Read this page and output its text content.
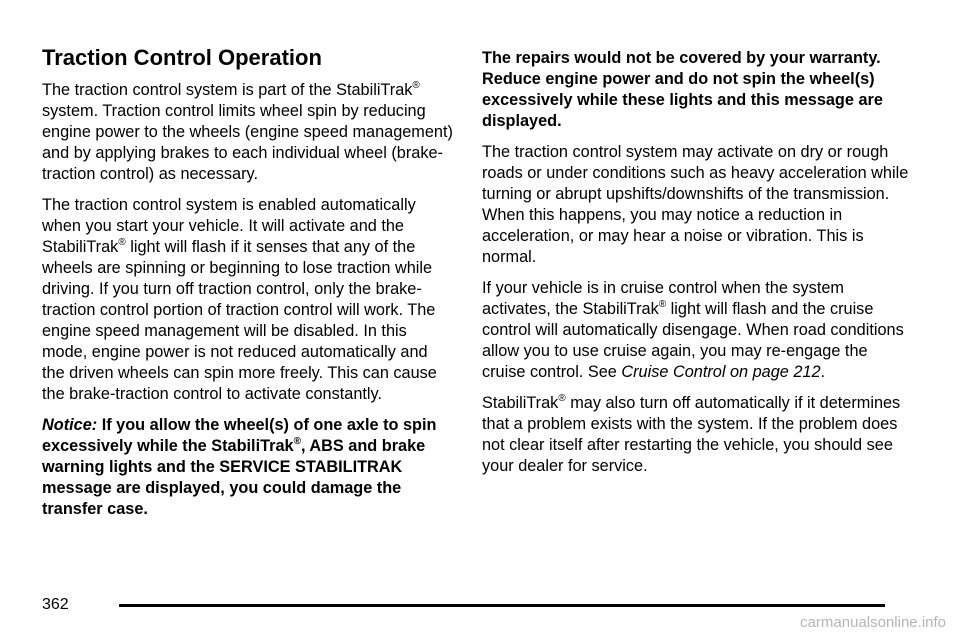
Traction Control Operation

The traction control system is part of the StabiliTrak® system. Traction control limits wheel spin by reducing engine power to the wheels (engine speed management) and by applying brakes to each individual wheel (brake-traction control) as necessary.

The traction control system is enabled automatically when you start your vehicle. It will activate and the StabiliTrak® light will flash if it senses that any of the wheels are spinning or beginning to lose traction while driving. If you turn off traction control, only the brake-traction control portion of traction control will work. The engine speed management will be disabled. In this mode, engine power is not reduced automatically and the driven wheels can spin more freely. This can cause the brake-traction control to activate constantly.

Notice: If you allow the wheel(s) of one axle to spin excessively while the StabiliTrak®, ABS and brake warning lights and the SERVICE STABILITRAK message are displayed, you could damage the transfer case.

The repairs would not be covered by your warranty. Reduce engine power and do not spin the wheel(s) excessively while these lights and this message are displayed.

The traction control system may activate on dry or rough roads or under conditions such as heavy acceleration while turning or abrupt upshifts/downshifts of the transmission. When this happens, you may notice a reduction in acceleration, or may hear a noise or vibration. This is normal.

If your vehicle is in cruise control when the system activates, the StabiliTrak® light will flash and the cruise control will automatically disengage. When road conditions allow you to use cruise again, you may re-engage the cruise control. See Cruise Control on page 212.

StabiliTrak® may also turn off automatically if it determines that a problem exists with the system. If the problem does not clear itself after restarting the vehicle, you should see your dealer for service.

362
carmanualsonline.info
